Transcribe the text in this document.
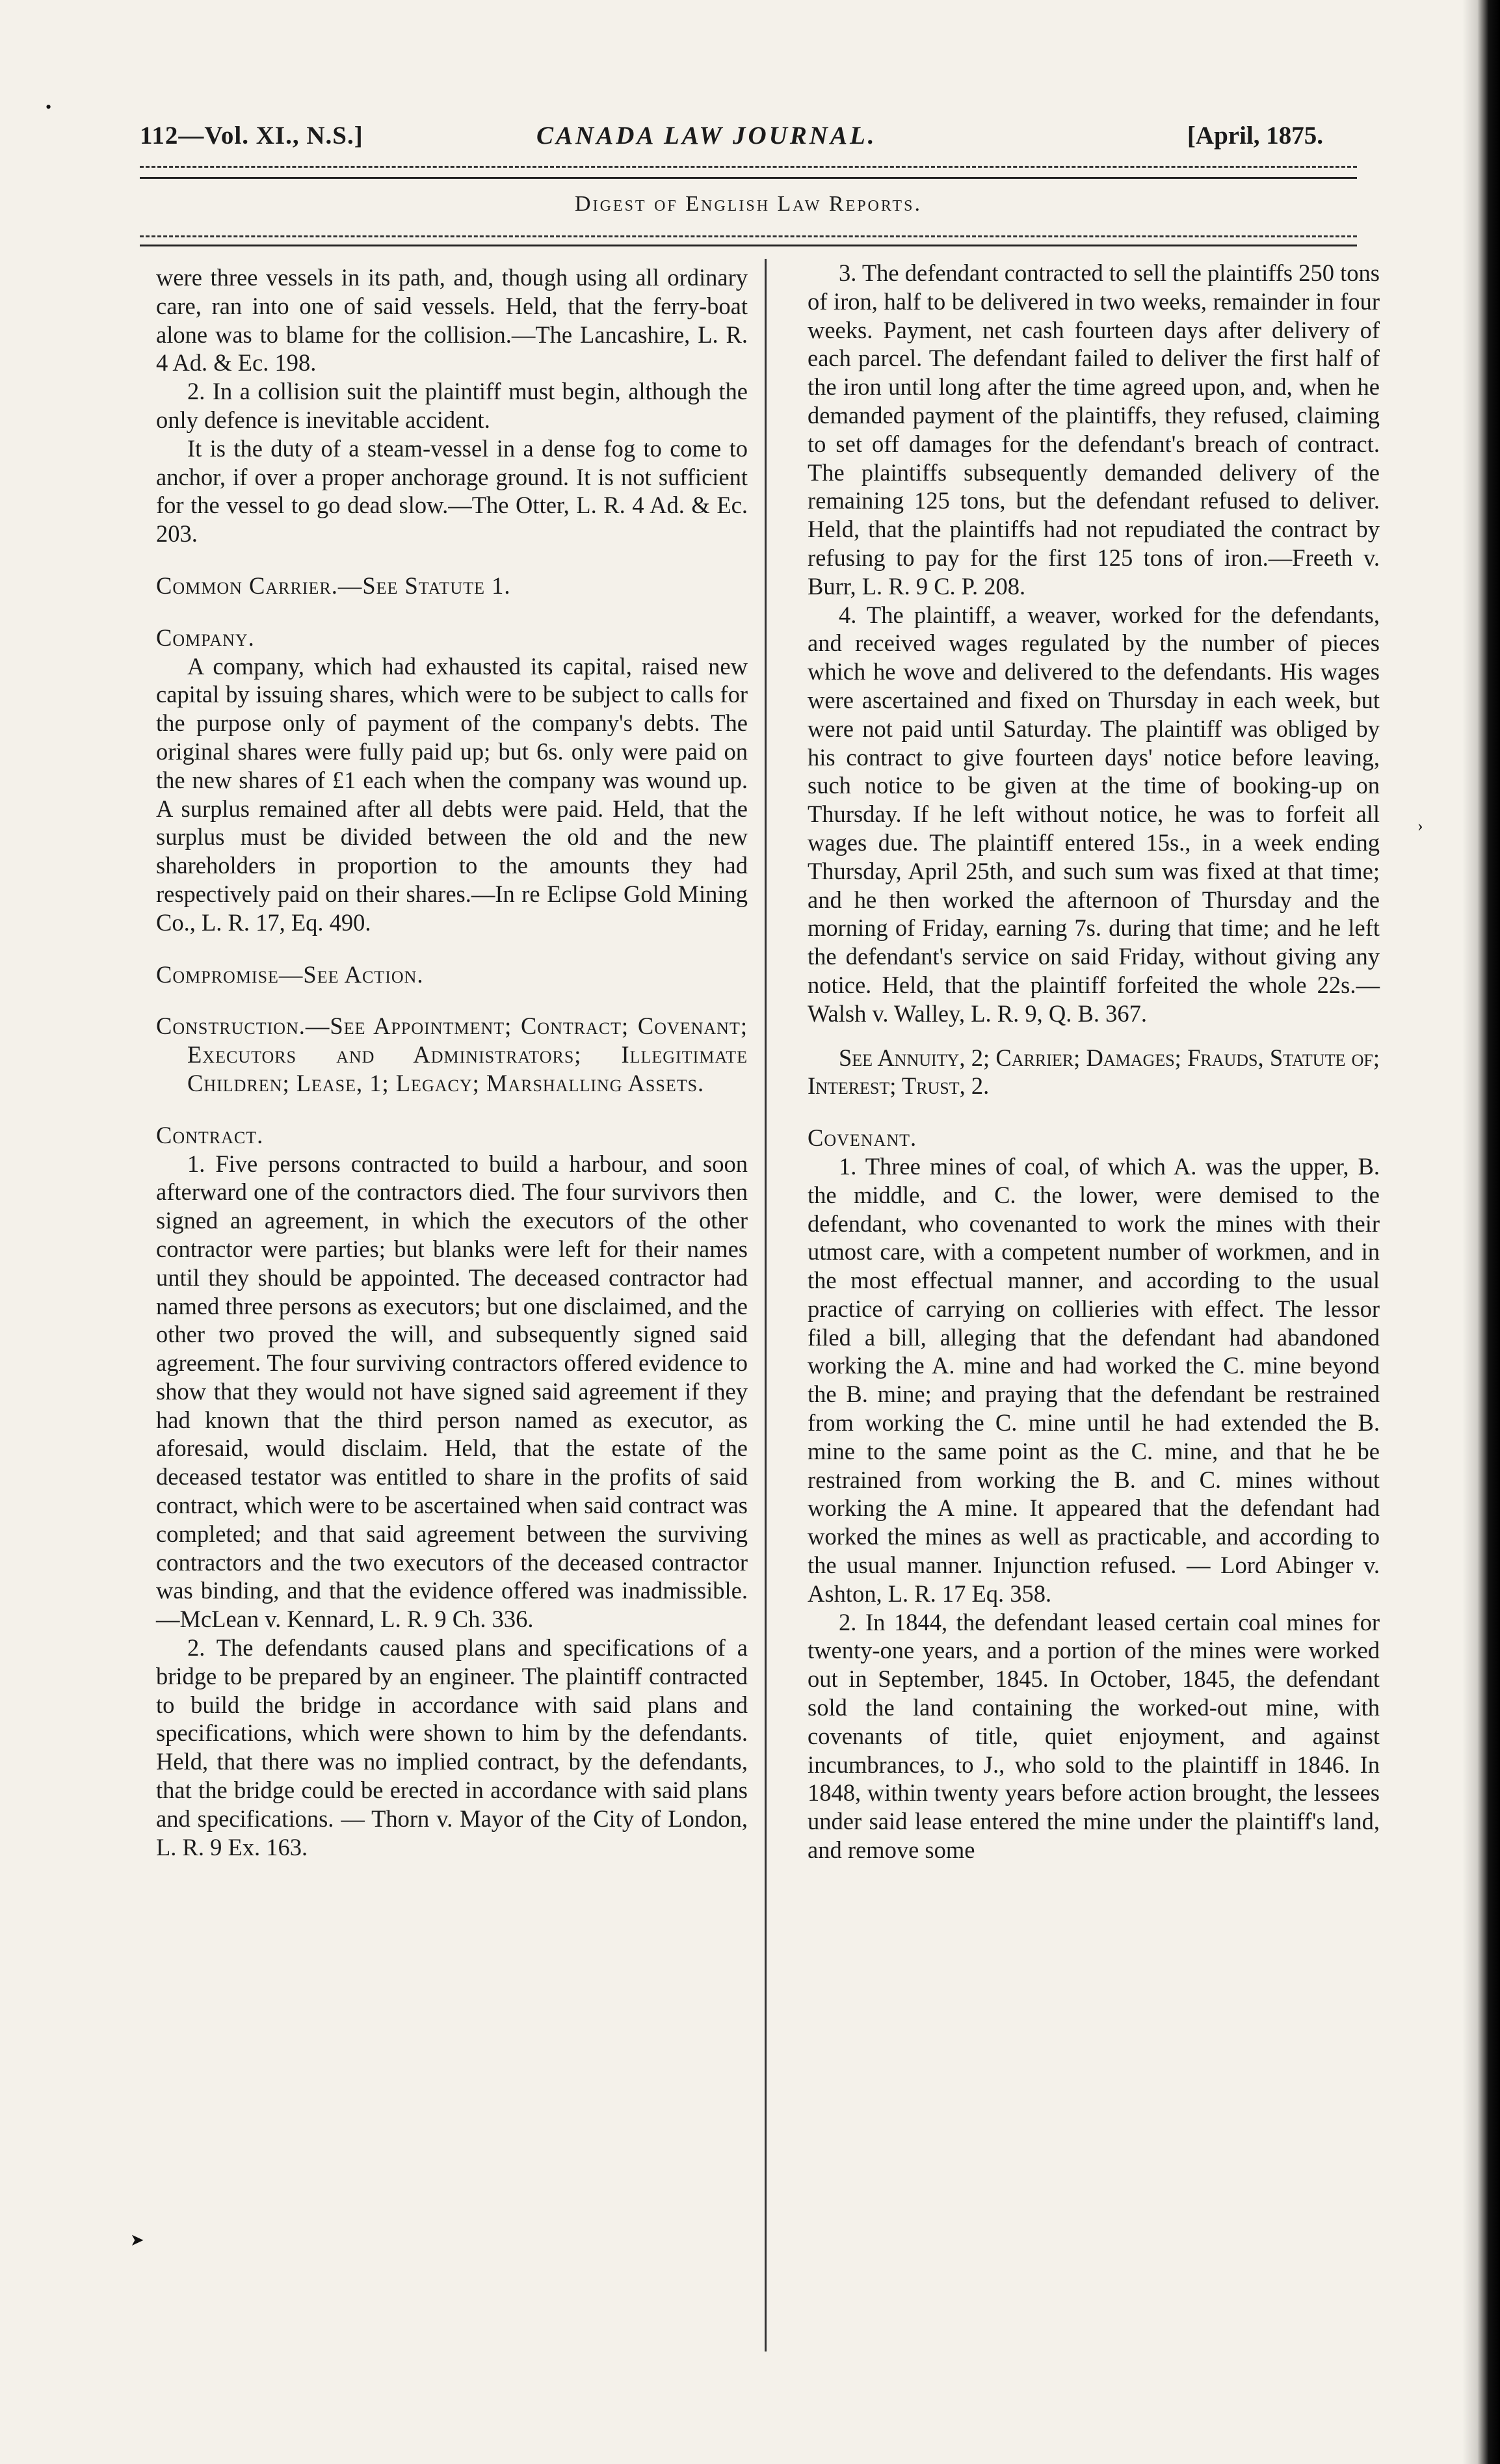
112—Vol. XI., N.S.]	CANADA LAW JOURNAL.	[April, 1875.
Digest of English Law Reports.

were three vessels in its path, and, though using all ordinary care, ran into one of said vessels. Held, that the ferry-boat alone was to blame for the collision.—The Lancashire, L. R. 4 Ad. & Ec. 198.

2. In a collision suit the plaintiff must begin, although the only defence is inevitable accident.

It is the duty of a steam-vessel in a dense fog to come to anchor, if over a proper anchorage ground. It is not sufficient for the vessel to go dead slow.—The Otter, L. R. 4 Ad. & Ec. 203.

Common Carrier.—See Statute 1.

Company.

A company, which had exhausted its capital, raised new capital by issuing shares, which were to be subject to calls for the purpose only of payment of the company's debts. The original shares were fully paid up; but 6s. only were paid on the new shares of £1 each when the company was wound up. A surplus remained after all debts were paid. Held, that the surplus must be divided between the old and the new shareholders in proportion to the amounts they had respectively paid on their shares.—In re Eclipse Gold Mining Co., L. R. 17, Eq. 490.

Compromise—See Action.

Construction.—See Appointment; Contract; Covenant; Executors and Administrators; Illegitimate Children; Lease, 1; Legacy; Marshalling Assets.

Contract.

1. Five persons contracted to build a harbour, and soon afterward one of the contractors died. The four survivors then signed an agreement, in which the executors of the other contractor were parties; but blanks were left for their names until they should be appointed. The deceased contractor had named three persons as executors; but one disclaimed, and the other two proved the will, and subsequently signed said agreement. The four surviving contractors offered evidence to show that they would not have signed said agreement if they had known that the third person named as executor, as aforesaid, would disclaim. Held, that the estate of the deceased testator was entitled to share in the profits of said contract, which were to be ascertained when said contract was completed; and that said agreement between the surviving contractors and the two executors of the deceased contractor was binding, and that the evidence offered was inadmissible.—McLean v. Kennard, L. R. 9 Ch. 336.

2. The defendants caused plans and specifications of a bridge to be prepared by an engineer. The plaintiff contracted to build the bridge in accordance with said plans and specifications, which were shown to him by the defendants. Held, that there was no implied contract, by the defendants, that the bridge could be erected in accordance with said plans and specifications. — Thorn v. Mayor of the City of London, L. R. 9 Ex. 163.

3. The defendant contracted to sell the plaintiffs 250 tons of iron, half to be delivered in two weeks, remainder in four weeks. Payment, net cash fourteen days after delivery of each parcel. The defendant failed to deliver the first half of the iron until long after the time agreed upon, and, when he demanded payment of the plaintiffs, they refused, claiming to set off damages for the defendant's breach of contract. The plaintiffs subsequently demanded delivery of the remaining 125 tons, but the defendant refused to deliver. Held, that the plaintiffs had not repudiated the contract by refusing to pay for the first 125 tons of iron.—Freeth v. Burr, L. R. 9 C. P. 208.

4. The plaintiff, a weaver, worked for the defendants, and received wages regulated by the number of pieces which he wove and delivered to the defendants. His wages were ascertained and fixed on Thursday in each week, but were not paid until Saturday. The plaintiff was obliged by his contract to give fourteen days' notice before leaving, such notice to be given at the time of booking-up on Thursday. If he left without notice, he was to forfeit all wages due. The plaintiff entered 15s., in a week ending Thursday, April 25th, and such sum was fixed at that time; and he then worked the afternoon of Thursday and the morning of Friday, earning 7s. during that time; and he left the defendant's service on said Friday, without giving any notice. Held, that the plaintiff forfeited the whole 22s.—Walsh v. Walley, L. R. 9, Q. B. 367.

See Annuity, 2; Carrier; Damages; Frauds, Statute of; Interest; Trust, 2.

Covenant.

1. Three mines of coal, of which A. was the upper, B. the middle, and C. the lower, were demised to the defendant, who covenanted to work the mines with their utmost care, with a competent number of workmen, and in the most effectual manner, and according to the usual practice of carrying on collieries with effect. The lessor filed a bill, alleging that the defendant had abandoned working the A. mine and had worked the C. mine beyond the B. mine; and praying that the defendant be restrained from working the C. mine until he had extended the B. mine to the same point as the C. mine, and that he be restrained from working the B. and C. mines without working the A mine. It appeared that the defendant had worked the mines as well as practicable, and according to the usual manner. Injunction refused. — Lord Abinger v. Ashton, L. R. 17 Eq. 358.

2. In 1844, the defendant leased certain coal mines for twenty-one years, and a portion of the mines were worked out in September, 1845. In October, 1845, the defendant sold the land containing the worked-out mine, with covenants of title, quiet enjoyment, and against incumbrances, to J., who sold to the plaintiff in 1846. In 1848, within twenty years before action brought, the lessees under said lease entered the mine under the plaintiff's land, and remove some

•
➤
›
